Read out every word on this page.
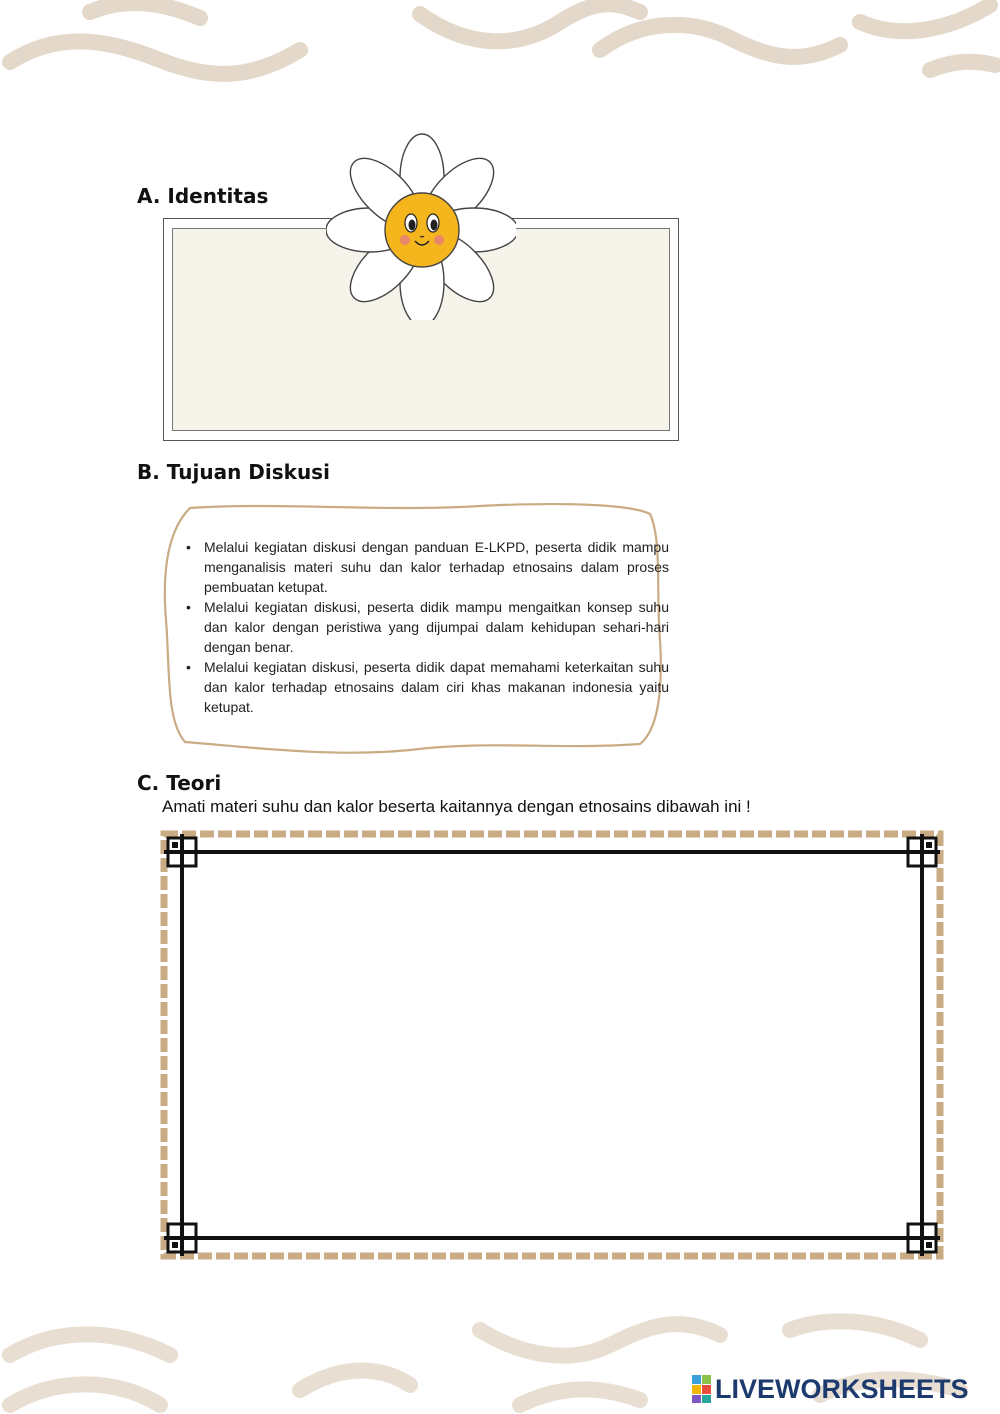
A. Identitas
B. Tujuan Diskusi
• Melalui kegiatan diskusi dengan panduan E-LKPD, peserta didik mampu menganalisis materi suhu dan kalor terhadap etnosains dalam proses pembuatan ketupat.
• Melalui kegiatan diskusi, peserta didik mampu mengaitkan konsep suhu dan kalor dengan peristiwa yang dijumpai dalam kehidupan sehari-hari dengan benar.
• Melalui kegiatan diskusi, peserta didik dapat memahami keterkaitan suhu dan kalor terhadap etnosains dalam ciri khas makanan indonesia yaitu ketupat.
C. Teori

Amati materi suhu dan kalor beserta kaitannya dengan etnosains dibawah ini !

LIVEWORKSHEETS
